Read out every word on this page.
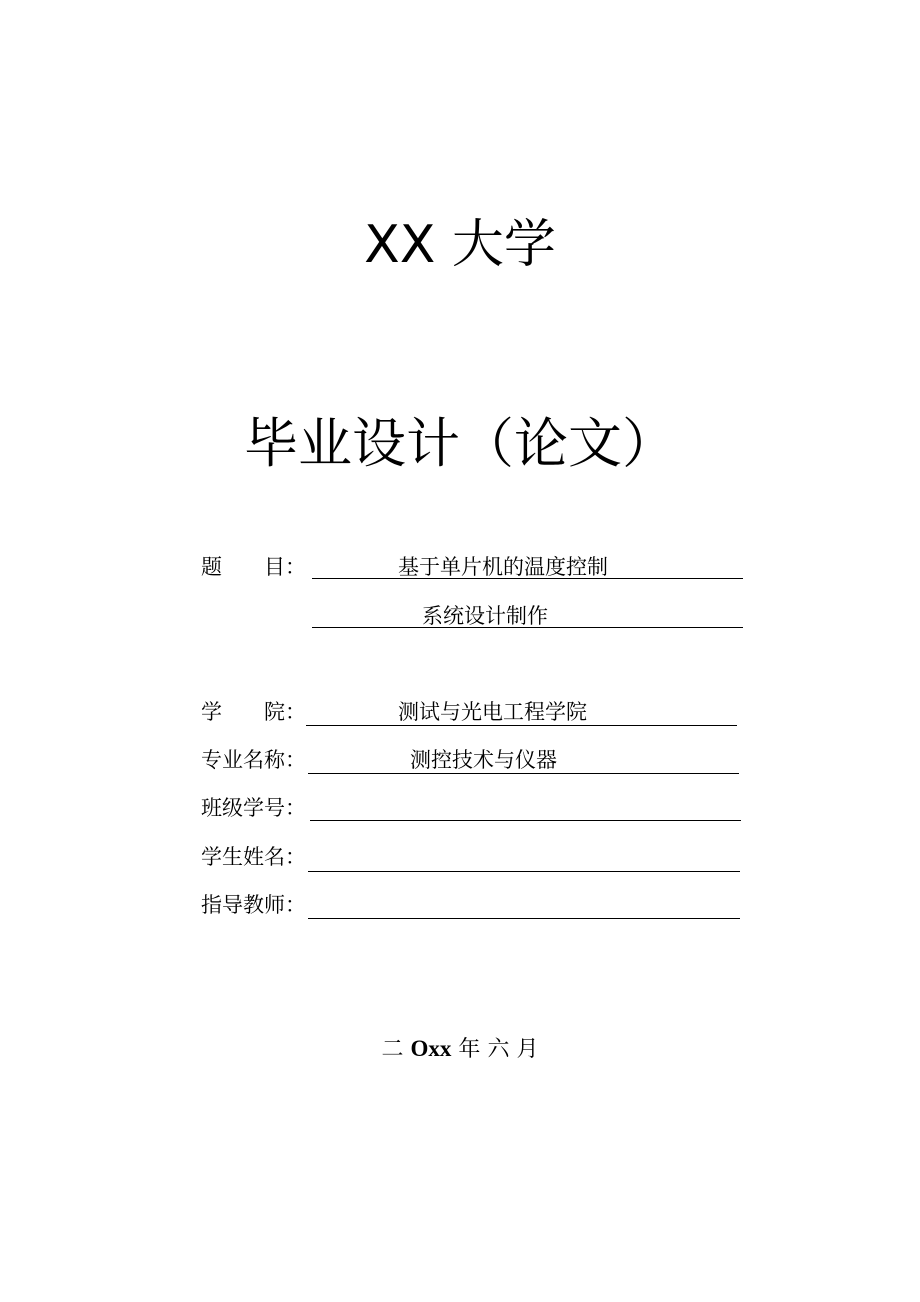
XX 大学
毕业设计（论文）
题　　目：	基于单片机的温度控制
系统设计制作
学　　院：	测试与光电工程学院
专业名称：	测控技术与仪器
班级学号：
学生姓名：
指导教师：
二 Oxx 年 六 月
